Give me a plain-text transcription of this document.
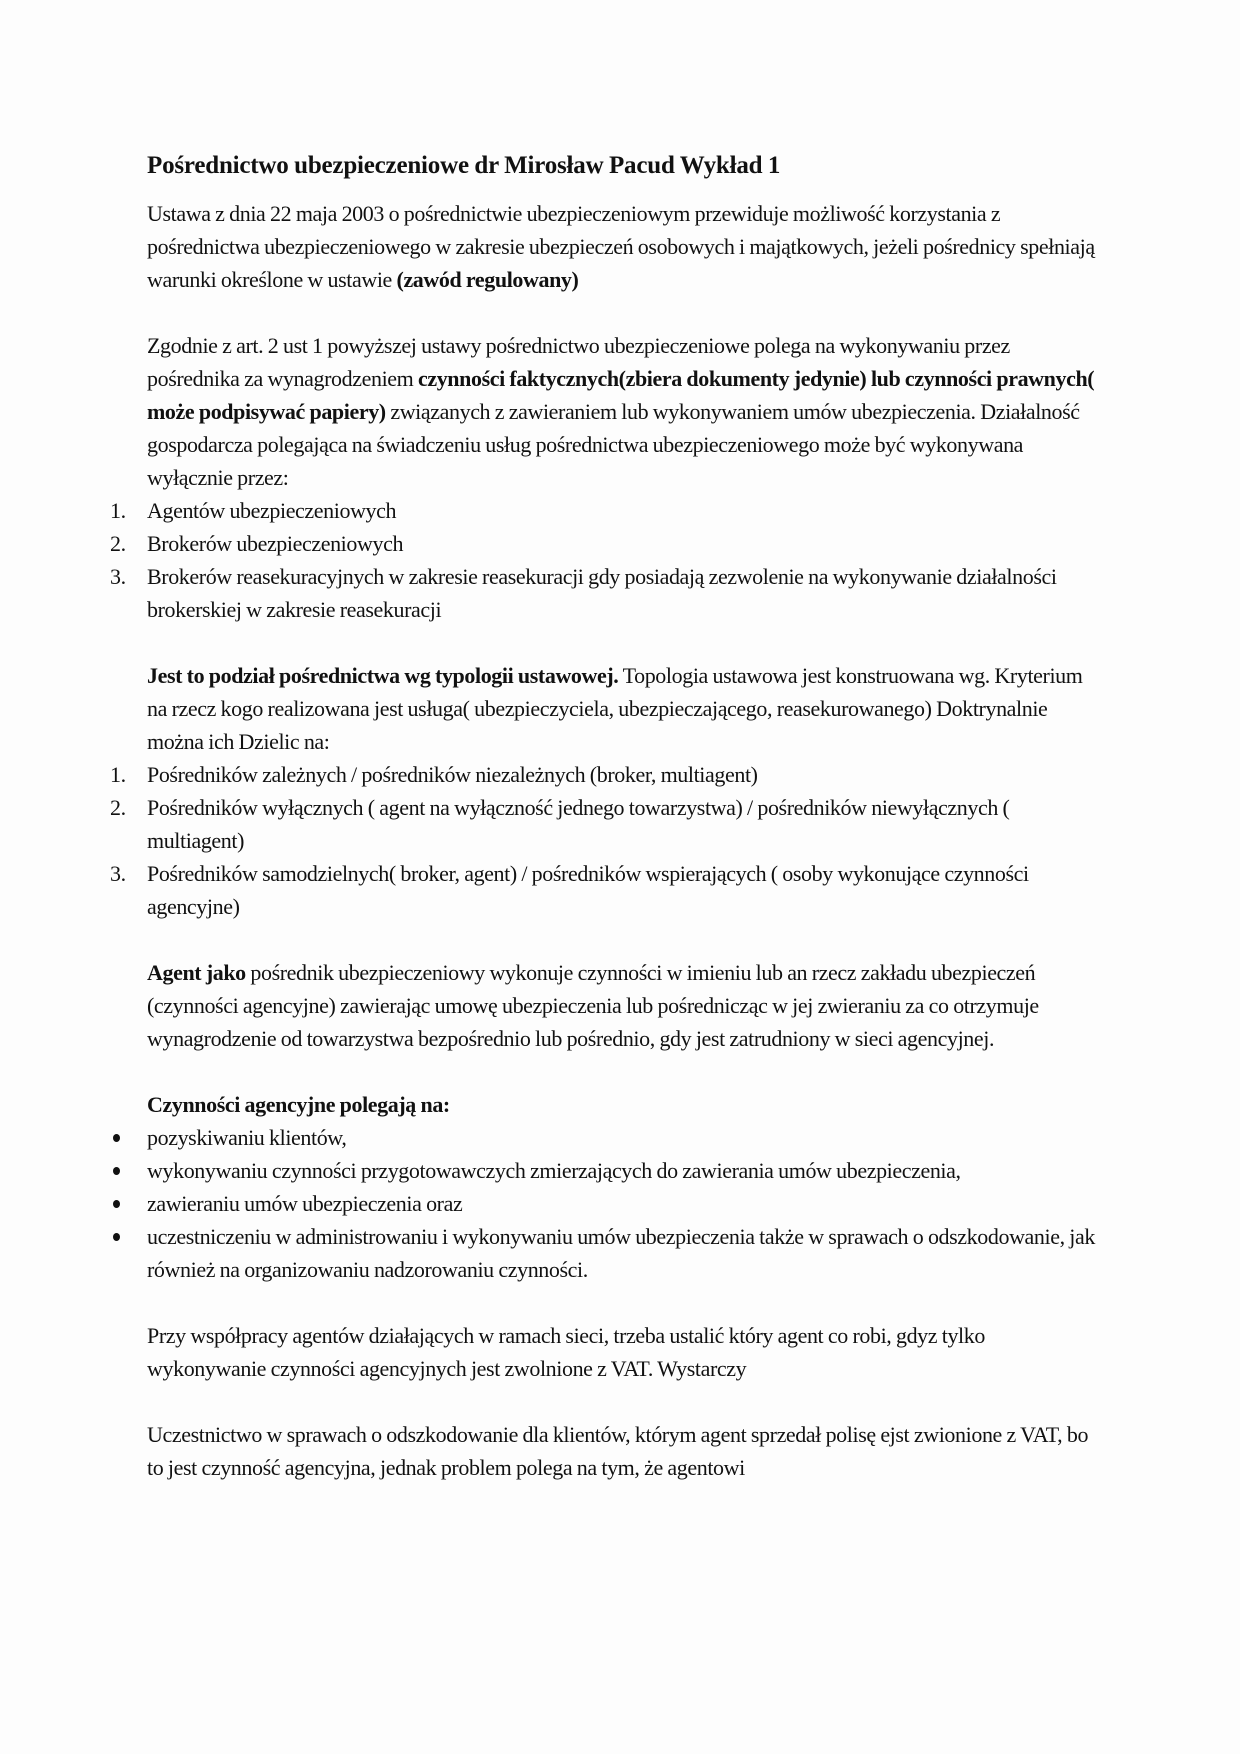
Pośrednictwo ubezpieczeniowe dr Mirosław Pacud Wykład 1

Ustawa z dnia 22 maja 2003 o pośrednictwie ubezpieczeniowym przewiduje możliwość korzystania z pośrednictwa ubezpieczeniowego w zakresie ubezpieczeń osobowych i majątkowych, jeżeli pośrednicy spełniają warunki określone w ustawie (zawód regulowany)

Zgodnie z art. 2 ust 1 powyższej ustawy pośrednictwo ubezpieczeniowe polega na wykonywaniu przez pośrednika za wynagrodzeniem czynności faktycznych(zbiera dokumenty jedynie) lub czynności prawnych( może podpisywać papiery) związanych z zawieraniem lub wykonywaniem umów ubezpieczenia. Działalność gospodarcza polegająca na świadczeniu usług pośrednictwa ubezpieczeniowego może być wykonywana wyłącznie przez:

1. Agentów ubezpieczeniowych
2. Brokerów ubezpieczeniowych
3. Brokerów reasekuracyjnych w zakresie reasekuracji gdy posiadają zezwolenie na wykonywanie działalności brokerskiej w zakresie reasekuracji

Jest to podział pośrednictwa wg typologii ustawowej. Topologia ustawowa jest konstruowana wg. Kryterium na rzecz kogo realizowana jest usługa( ubezpieczyciela, ubezpieczającego, reasekurowanego) Doktrynalnie można ich Dzielic na:

1. Pośredników zależnych / pośredników niezależnych (broker, multiagent)
2. Pośredników wyłącznych ( agent na wyłączność jednego towarzystwa) / pośredników niewyłącznych ( multiagent)
3. Pośredników samodzielnych( broker, agent) / pośredników wspierających ( osoby wykonujące czynności agencyjne)

Agent jako pośrednik ubezpieczeniowy wykonuje czynności w imieniu lub an rzecz zakładu ubezpieczeń (czynności agencyjne) zawierając umowę ubezpieczenia lub pośrednicząc w jej zwieraniu za co otrzymuje wynagrodzenie od towarzystwa bezpośrednio lub pośrednio, gdy jest zatrudniony w sieci agencyjnej.

Czynności agencyjne polegają na:

pozyskiwaniu klientów,
wykonywaniu czynności przygotowawczych zmierzających do zawierania umów ubezpieczenia,
zawieraniu umów ubezpieczenia oraz
uczestniczeniu w administrowaniu i wykonywaniu umów ubezpieczenia także w sprawach o odszkodowanie, jak również na organizowaniu nadzorowaniu czynności.

Przy współpracy agentów działających w ramach sieci, trzeba ustalić który agent co robi, gdyz tylko wykonywanie czynności agencyjnych jest zwolnione z VAT. Wystarczy

Uczestnictwo w sprawach o odszkodowanie dla klientów, którym agent sprzedał polisę ejst zwionione z VAT, bo to jest czynność agencyjna, jednak problem polega na tym, że agentowi
